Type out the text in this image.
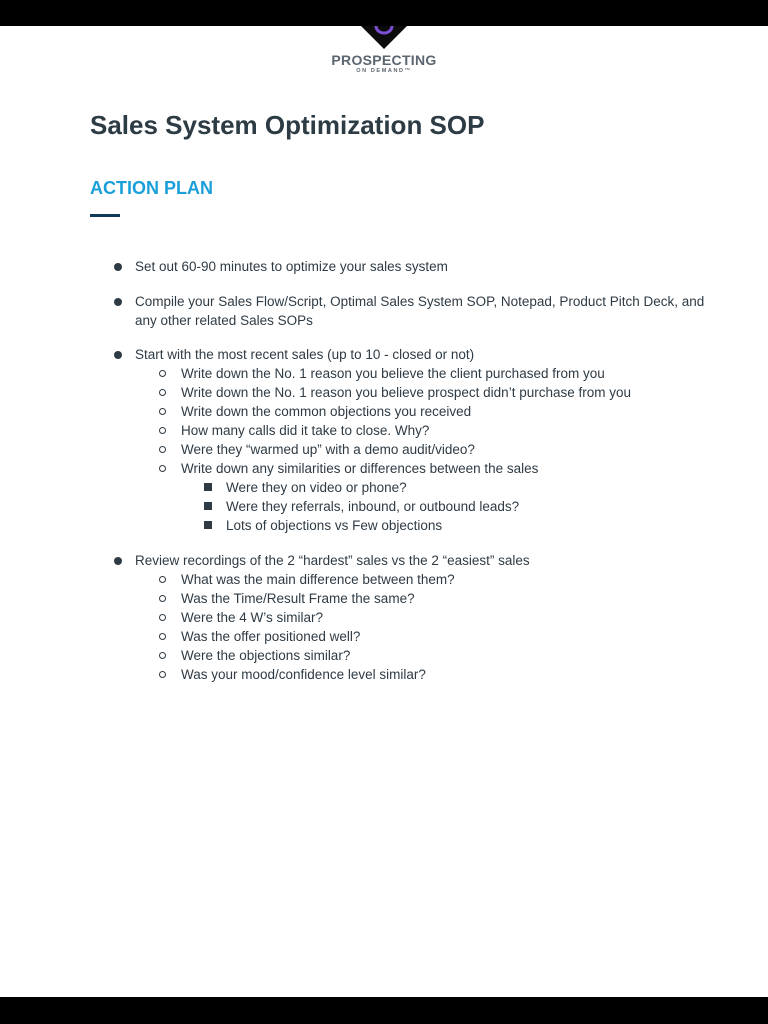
PROSPECTING
ON DEMAND™
Sales System Optimization SOP
ACTION PLAN
Set out 60-90 minutes to optimize your sales system
Compile your Sales Flow/Script, Optimal Sales System SOP, Notepad, Product Pitch Deck, and any other related Sales SOPs
Start with the most recent sales (up to 10 - closed or not)
Write down the No. 1 reason you believe the client purchased from you
Write down the No. 1 reason you believe prospect didn’t purchase from you
Write down the common objections you received
How many calls did it take to close. Why?
Were they “warmed up” with a demo audit/video?
Write down any similarities or differences between the sales
Were they on video or phone?
Were they referrals, inbound, or outbound leads?
Lots of objections vs Few objections
Review recordings of the 2 “hardest” sales vs the 2 “easiest” sales
What was the main difference between them?
Was the Time/Result Frame the same?
Were the 4 W’s similar?
Was the offer positioned well?
Were the objections similar?
Was your mood/confidence level similar?
